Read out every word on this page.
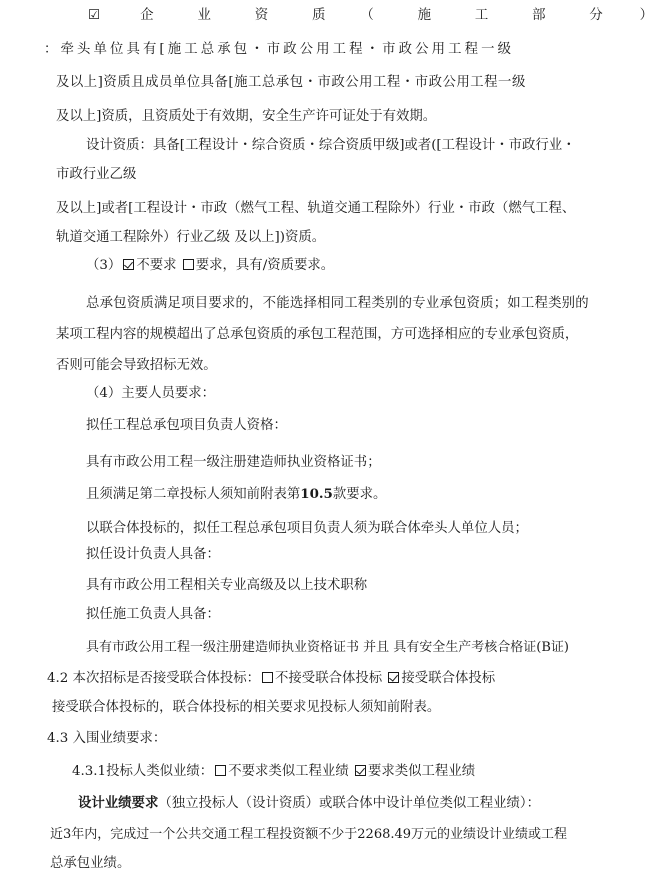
☑	企	业	资	质	（	施	工	部	分	）
：牵头单位具有[施工总承包・市政公用工程・市政公用工程一级
及以上]资质且成员单位具备[施工总承包・市政公用工程・市政公用工程一级
及以上]资质，且资质处于有效期，安全生产许可证处于有效期。
设计资质：具备[工程设计・综合资质・综合资质甲级]或者([工程设计・市政行业・
市政行业乙级
及以上]或者[工程设计・市政（燃气工程、轨道交通工程除外）行业・市政（燃气工程、
轨道交通工程除外）行业乙级 及以上])资质。
（3） 不要求 要求，具有/资质要求。
总承包资质满足项目要求的，不能选择相同工程类别的专业承包资质；如工程类别的
某项工程内容的规模超出了总承包资质的承包工程范围，方可选择相应的专业承包资质，
否则可能会导致招标无效。
（4）主要人员要求：
拟任工程总承包项目负责人资格：
具有市政公用工程一级注册建造师执业资格证书；
且须满足第二章投标人须知前附表第10.5款要求。
以联合体投标的，拟任工程总承包项目负责人须为联合体牵头人单位人员；
拟任设计负责人具备：
具有市政公用工程相关专业高级及以上技术职称
拟任施工负责人具备：
具有市政公用工程一级注册建造师执业资格证书 并且 具有安全生产考核合格证(B证)
4.2 本次招标是否接受联合体投标： 不接受联合体投标 接受联合体投标
接受联合体投标的，联合体投标的相关要求见投标人须知前附表。
4.3 入围业绩要求：
4.3.1投标人类似业绩： 不要求类似工程业绩 要求类似工程业绩
设计业绩要求（独立投标人（设计资质）或联合体中设计单位类似工程业绩）：
近3年内，完成过一个公共交通工程工程投资额不少于2268.49万元的业绩设计业绩或工程
总承包业绩。
